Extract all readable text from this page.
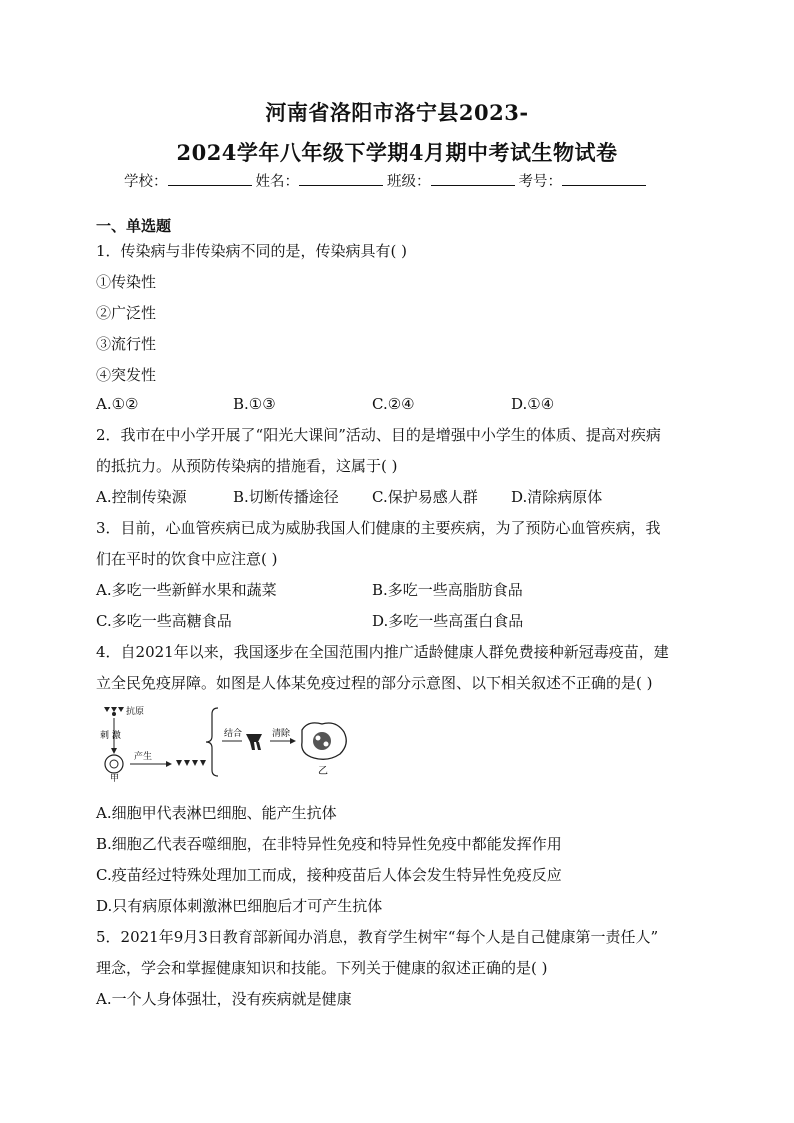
河南省洛阳市洛宁县2023-
2024学年八年级下学期4月期中考试生物试卷
学校：	姓名：	班级：	考号：
一、单选题
1．传染病与非传染病不同的是，传染病具有( )
①传染性
②广泛性
③流行性
④突发性
A.①②	B.①③	C.②④	D.①④
2．我市在中小学开展了“阳光大课间”活动、目的是增强中小学生的体质、提高对疾病
的抵抗力。从预防传染病的措施看，这属于( )
A.控制传染源	B.切断传播途径 C.保护易感人群 D.清除病原体
3．目前，心血管疾病已成为威胁我国人们健康的主要疾病，为了预防心血管疾病，我
们在平时的饮食中应注意( )
A.多吃一些新鲜水果和蔬菜	B.多吃一些高脂肪食品
C.多吃一些高糖食品	D.多吃一些高蛋白食品
4．自2021年以来，我国逐步在全国范围内推广适龄健康人群免费接种新冠毒疫苗，建
立全民免疫屏障。如图是人体某免疫过程的部分示意图、以下相关叙述不正确的是( )
抗原
刺 激
甲
产生
结合	清除
乙
A.细胞甲代表淋巴细胞、能产生抗体
B.细胞乙代表吞噬细胞，在非特异性免疫和特异性免疫中都能发挥作用
C.疫苗经过特殊处理加工而成，接种疫苗后人体会发生特异性免疫反应
D.只有病原体刺激淋巴细胞后才可产生抗体
5．2021年9月3日教育部新闻办消息，教育学生树牢“每个人是自己健康第一责任人”
理念，学会和掌握健康知识和技能。下列关于健康的叙述正确的是( )
A.一个人身体强壮，没有疾病就是健康
